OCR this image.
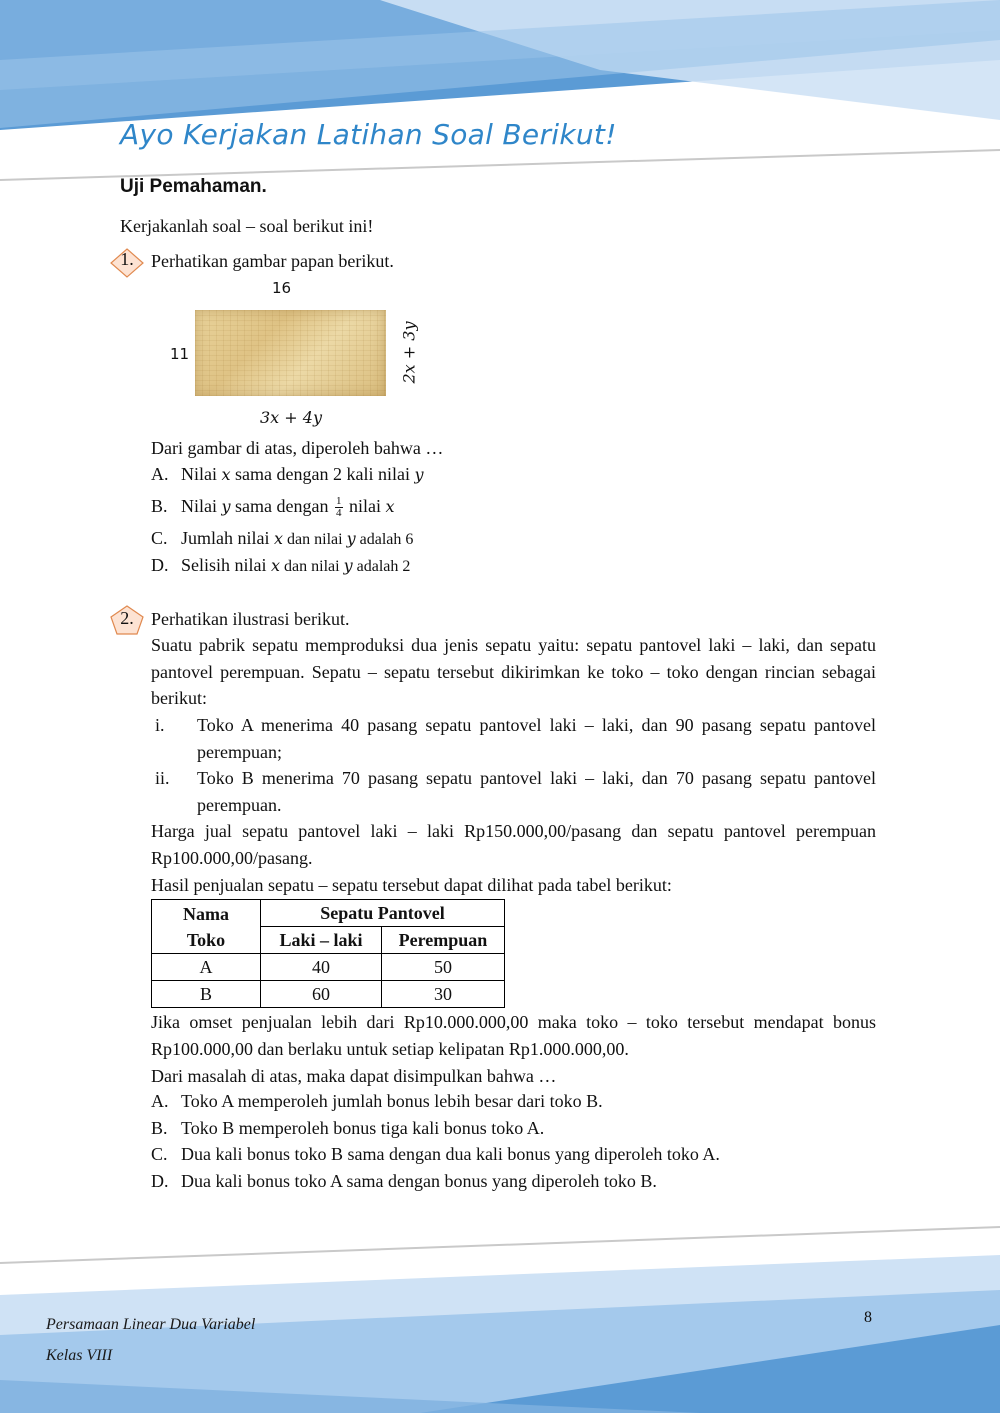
Ayo Kerjakan Latihan Soal Berikut!
Uji Pemahaman.
Kerjakanlah soal – soal berikut ini!
1. Perhatikan gambar papan berikut.
16
11	2x + 3y
3x + 4y
Dari gambar di atas, diperoleh bahwa …
A. Nilai x sama dengan 2 kali nilai y
B. Nilai y sama dengan $\frac{1}{4}$ nilai x
C. Jumlah nilai x dan nilai y adalah 6
D. Selisih nilai x dan nilai y adalah 2
2. Perhatikan ilustrasi berikut.
Suatu pabrik sepatu memproduksi dua jenis sepatu yaitu: sepatu pantovel laki – laki, dan sepatu pantovel perempuan. Sepatu – sepatu tersebut dikirimkan ke toko – toko dengan rincian sebagai berikut:
i. Toko A menerima 40 pasang sepatu pantovel laki – laki, dan 90 pasang sepatu pantovel perempuan;
ii. Toko B menerima 70 pasang sepatu pantovel laki – laki, dan 70 pasang sepatu pantovel perempuan.
Harga jual sepatu pantovel laki – laki Rp150.000,00/pasang dan sepatu pantovel perempuan Rp100.000,00/pasang.
Hasil penjualan sepatu – sepatu tersebut dapat dilihat pada tabel berikut:
Nama
Toko	Sepatu Pantovel	
	Laki – laki	Perempuan
A	40	50
B	60	30
Jika omset penjualan lebih dari Rp10.000.000,00 maka toko – toko tersebut mendapat bonus Rp100.000,00 dan berlaku untuk setiap kelipatan Rp1.000.000,00.
Dari masalah di atas, maka dapat disimpulkan bahwa …
A. Toko A memperoleh jumlah bonus lebih besar dari toko B.
B. Toko B memperoleh bonus tiga kali bonus toko A.
C. Dua kali bonus toko B sama dengan dua kali bonus yang diperoleh toko A.
D. Dua kali bonus toko A sama dengan bonus yang diperoleh toko B.
Persamaan Linear Dua Variabel
Kelas VIII
8
